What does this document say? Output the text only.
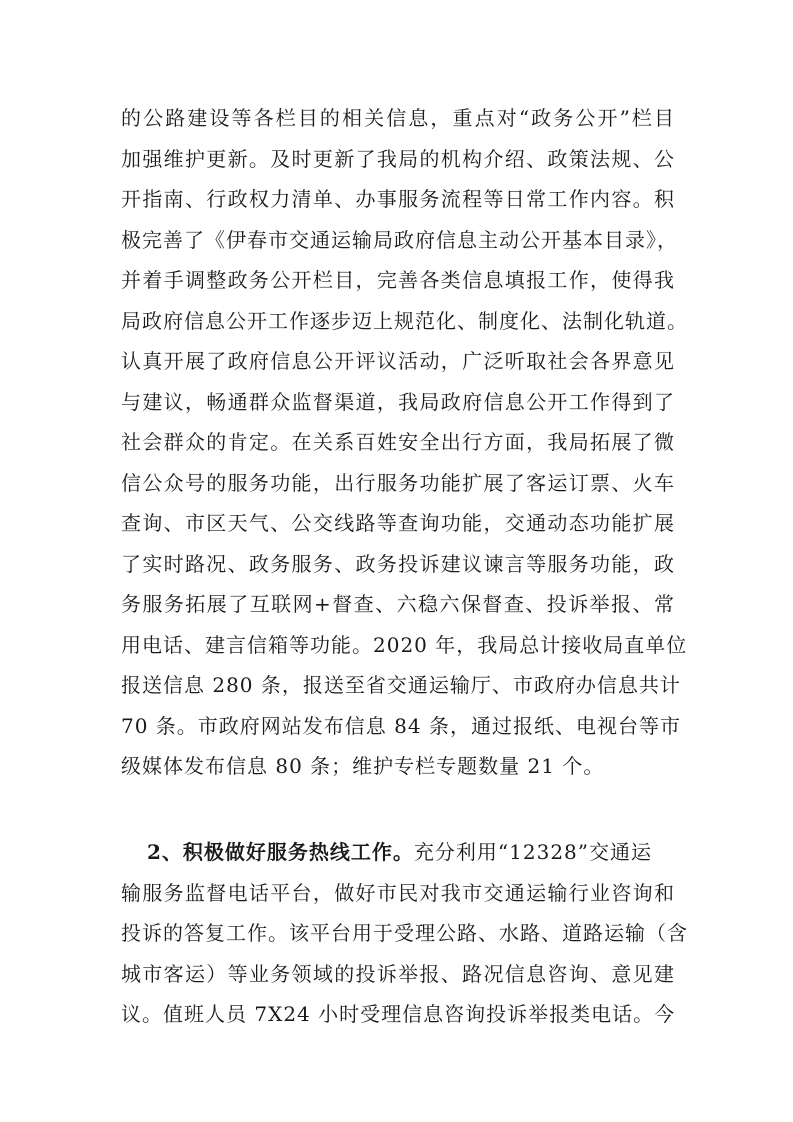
的公路建设等各栏目的相关信息，重点对“政务公开”栏目
加强维护更新。及时更新了我局的机构介绍、政策法规、公
开指南、行政权力清单、办事服务流程等日常工作内容。积
极完善了《伊春市交通运输局政府信息主动公开基本目录》，
并着手调整政务公开栏目，完善各类信息填报工作，使得我
局政府信息公开工作逐步迈上规范化、制度化、法制化轨道。
认真开展了政府信息公开评议活动，广泛听取社会各界意见
与建议，畅通群众监督渠道，我局政府信息公开工作得到了
社会群众的肯定。在关系百姓安全出行方面，我局拓展了微
信公众号的服务功能，出行服务功能扩展了客运订票、火车
查询、市区天气、公交线路等查询功能，交通动态功能扩展
了实时路况、政务服务、政务投诉建议谏言等服务功能，政
务服务拓展了互联网+督查、六稳六保督查、投诉举报、常
用电话、建言信箱等功能。2020 年，我局总计接收局直单位
报送信息 280 条，报送至省交通运输厅、市政府办信息共计
70 条。市政府网站发布信息 84 条，通过报纸、电视台等市
级媒体发布信息 80 条；维护专栏专题数量 21 个。
2、积极做好服务热线工作。充分利用“12328”交通运
输服务监督电话平台，做好市民对我市交通运输行业咨询和
投诉的答复工作。该平台用于受理公路、水路、道路运输（含
城市客运）等业务领域的投诉举报、路况信息咨询、意见建
议。值班人员 7X24 小时受理信息咨询投诉举报类电话。今
